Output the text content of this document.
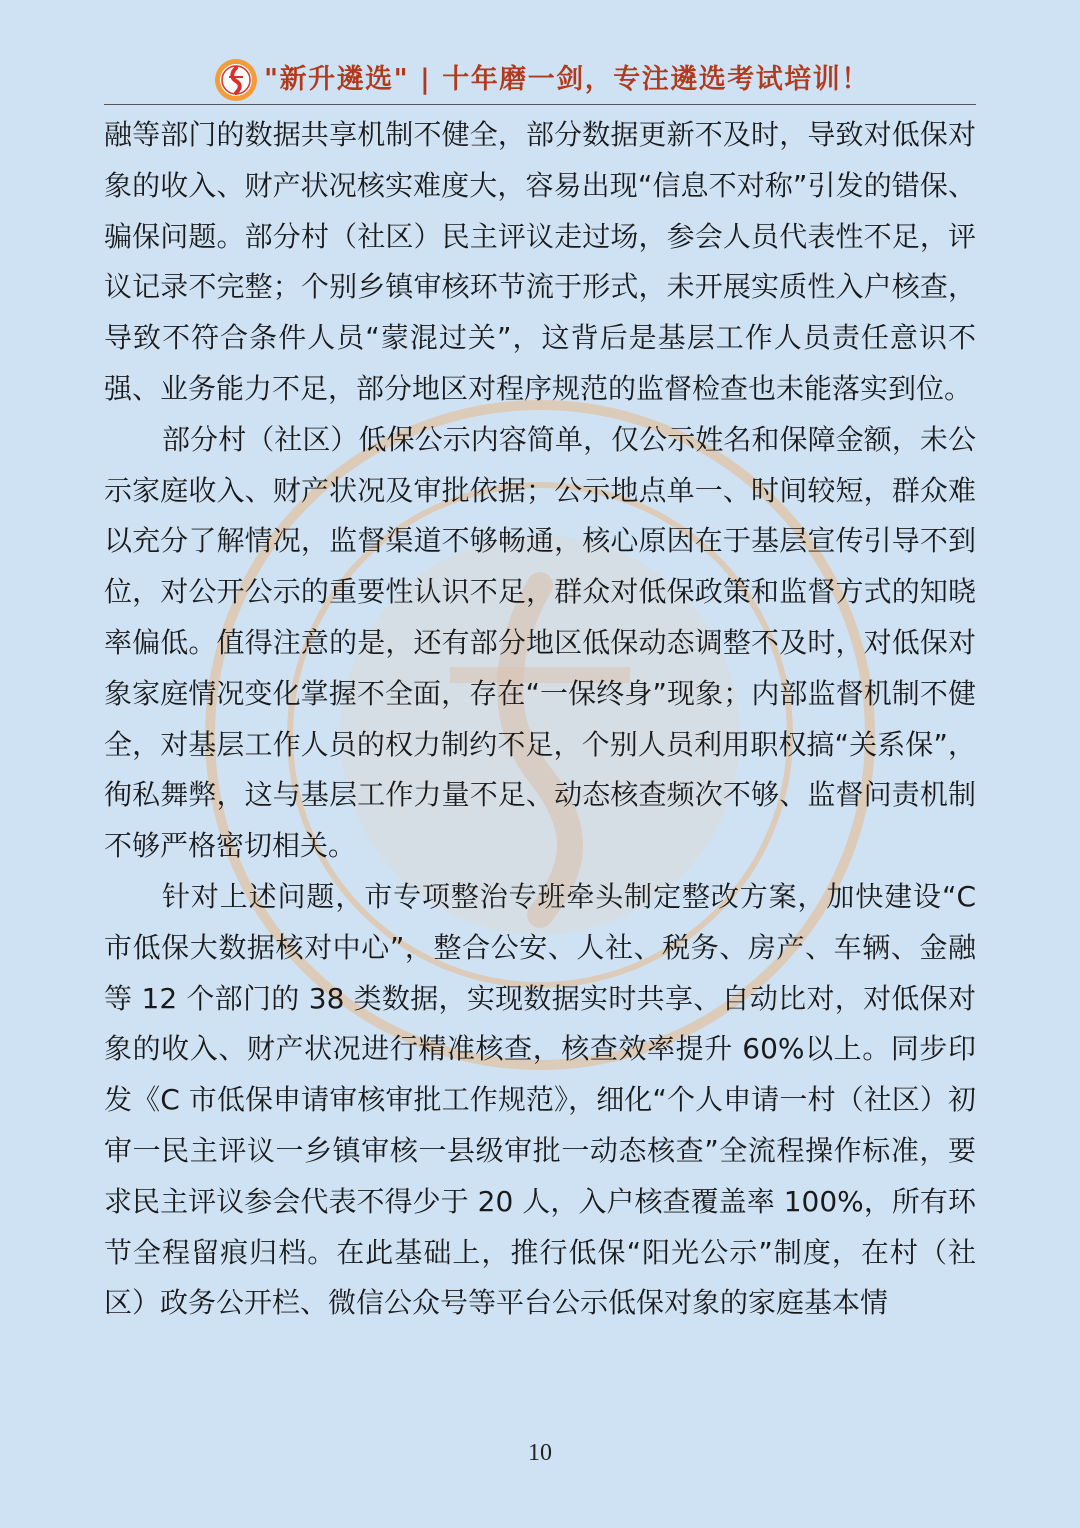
"新升遴选" | 十年磨一剑，专注遴选考试培训！

融等部门的数据共享机制不健全，部分数据更新不及时，导致对低保对象的收入、财产状况核实难度大，容易出现“信息不对称”引发的错保、骗保问题。部分村（社区）民主评议走过场，参会人员代表性不足，评议记录不完整；个别乡镇审核环节流于形式，未开展实质性入户核查，导致不符合条件人员“蒙混过关”，这背后是基层工作人员责任意识不强、业务能力不足，部分地区对程序规范的监督检查也未能落实到位。

部分村（社区）低保公示内容简单，仅公示姓名和保障金额，未公示家庭收入、财产状况及审批依据；公示地点单一、时间较短，群众难以充分了解情况，监督渠道不够畅通，核心原因在于基层宣传引导不到位，对公开公示的重要性认识不足，群众对低保政策和监督方式的知晓率偏低。值得注意的是，还有部分地区低保动态调整不及时，对低保对象家庭情况变化掌握不全面，存在“一保终身”现象；内部监督机制不健全，对基层工作人员的权力制约不足，个别人员利用职权搞“关系保”，徇私舞弊，这与基层工作力量不足、动态核查频次不够、监督问责机制不够严格密切相关。

针对上述问题，市专项整治专班牵头制定整改方案，加快建设“C市低保大数据核对中心”，整合公安、人社、税务、房产、车辆、金融等 12 个部门的 38 类数据，实现数据实时共享、自动比对，对低保对象的收入、财产状况进行精准核查，核查效率提升 60%以上。同步印发《C 市低保申请审核审批工作规范》，细化“个人申请一村（社区）初审一民主评议一乡镇审核一县级审批一动态核查”全流程操作标准，要求民主评议参会代表不得少于 20 人，入户核查覆盖率 100%，所有环节全程留痕归档。在此基础上，推行低保“阳光公示”制度，在村（社区）政务公开栏、微信公众号等平台公示低保对象的家庭基本情

10
